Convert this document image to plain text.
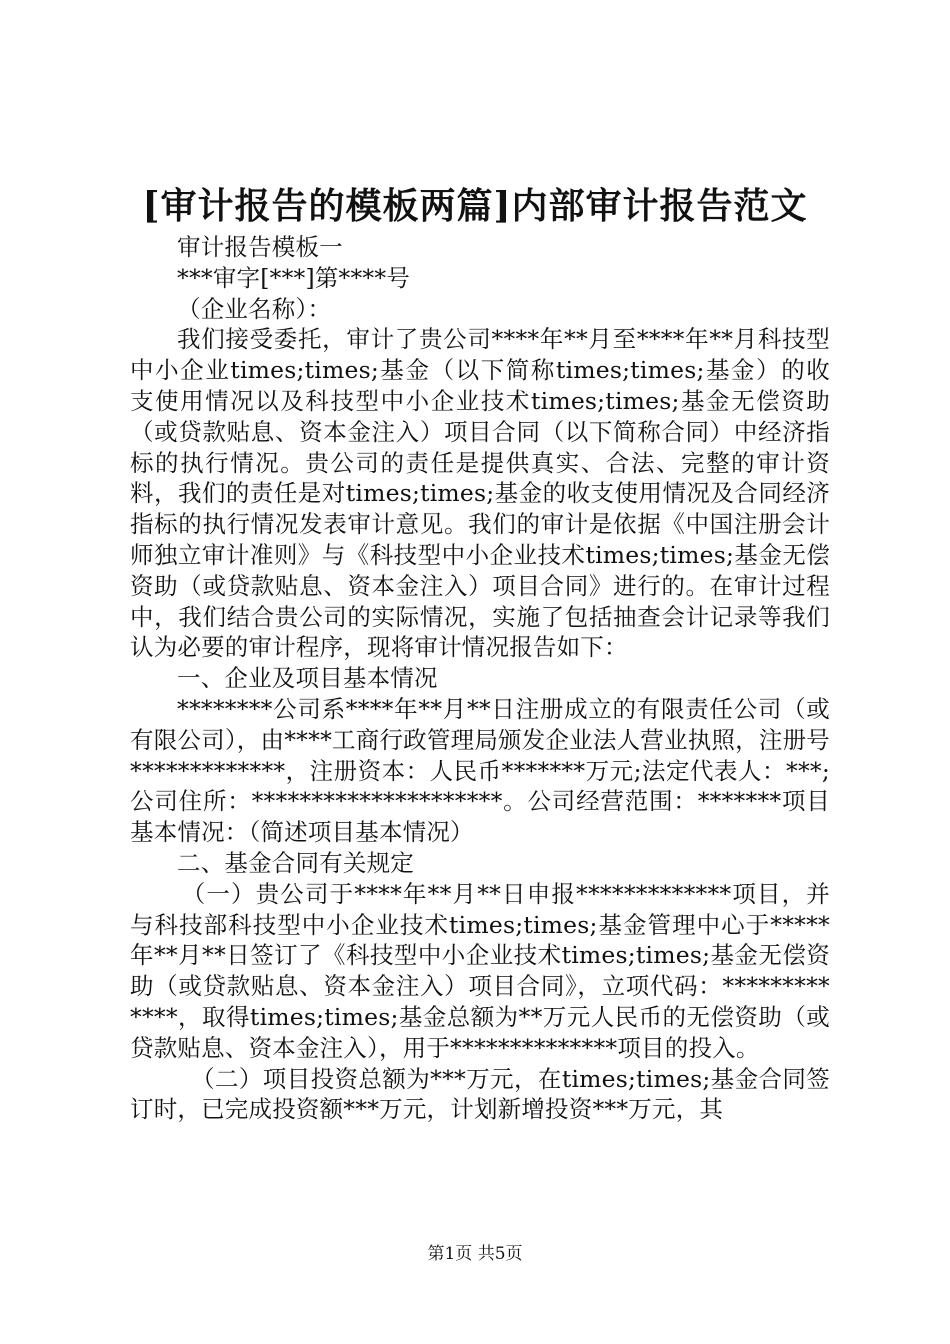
[审计报告的模板两篇]内部审计报告范文

审计报告模板一

***审字[***]第****号

（企业名称）：

我们接受委托，审计了贵公司****年**月至****年**月科技型中小企业times;times;基金（以下简称times;times;基金）的收支使用情况以及科技型中小企业技术times;times;基金无偿资助（或贷款贴息、资本金注入）项目合同（以下简称合同）中经济指标的执行情况。贵公司的责任是提供真实、合法、完整的审计资料，我们的责任是对times;times;基金的收支使用情况及合同经济指标的执行情况发表审计意见。我们的审计是依据《中国注册会计师独立审计准则》与《科技型中小企业技术times;times;基金无偿资助（或贷款贴息、资本金注入）项目合同》进行的。在审计过程中，我们结合贵公司的实际情况，实施了包括抽查会计记录等我们认为必要的审计程序，现将审计情况报告如下：

一、企业及项目基本情况

********公司系****年**月**日注册成立的有限责任公司（或有限公司），由****工商行政管理局颁发企业法人营业执照，注册号*************，注册资本：人民币*******万元;法定代表人：***;公司住所：*********************。公司经营范围：*******项目基本情况：（简述项目基本情况）

二、基金合同有关规定

（一）贵公司于****年**月**日申报*************项目，并与科技部科技型中小企业技术times;times;基金管理中心于*****年**月**日签订了《科技型中小企业技术times;times;基金无偿资助（或贷款贴息、资本金注入）项目合同》，立项代码：*************，取得times;times;基金总额为**万元人民币的无偿资助（或贷款贴息、资本金注入），用于**************项目的投入。

（二）项目投资总额为***万元，在times;times;基金合同签订时，已完成投资额***万元，计划新增投资***万元，其

第1页 共5页
